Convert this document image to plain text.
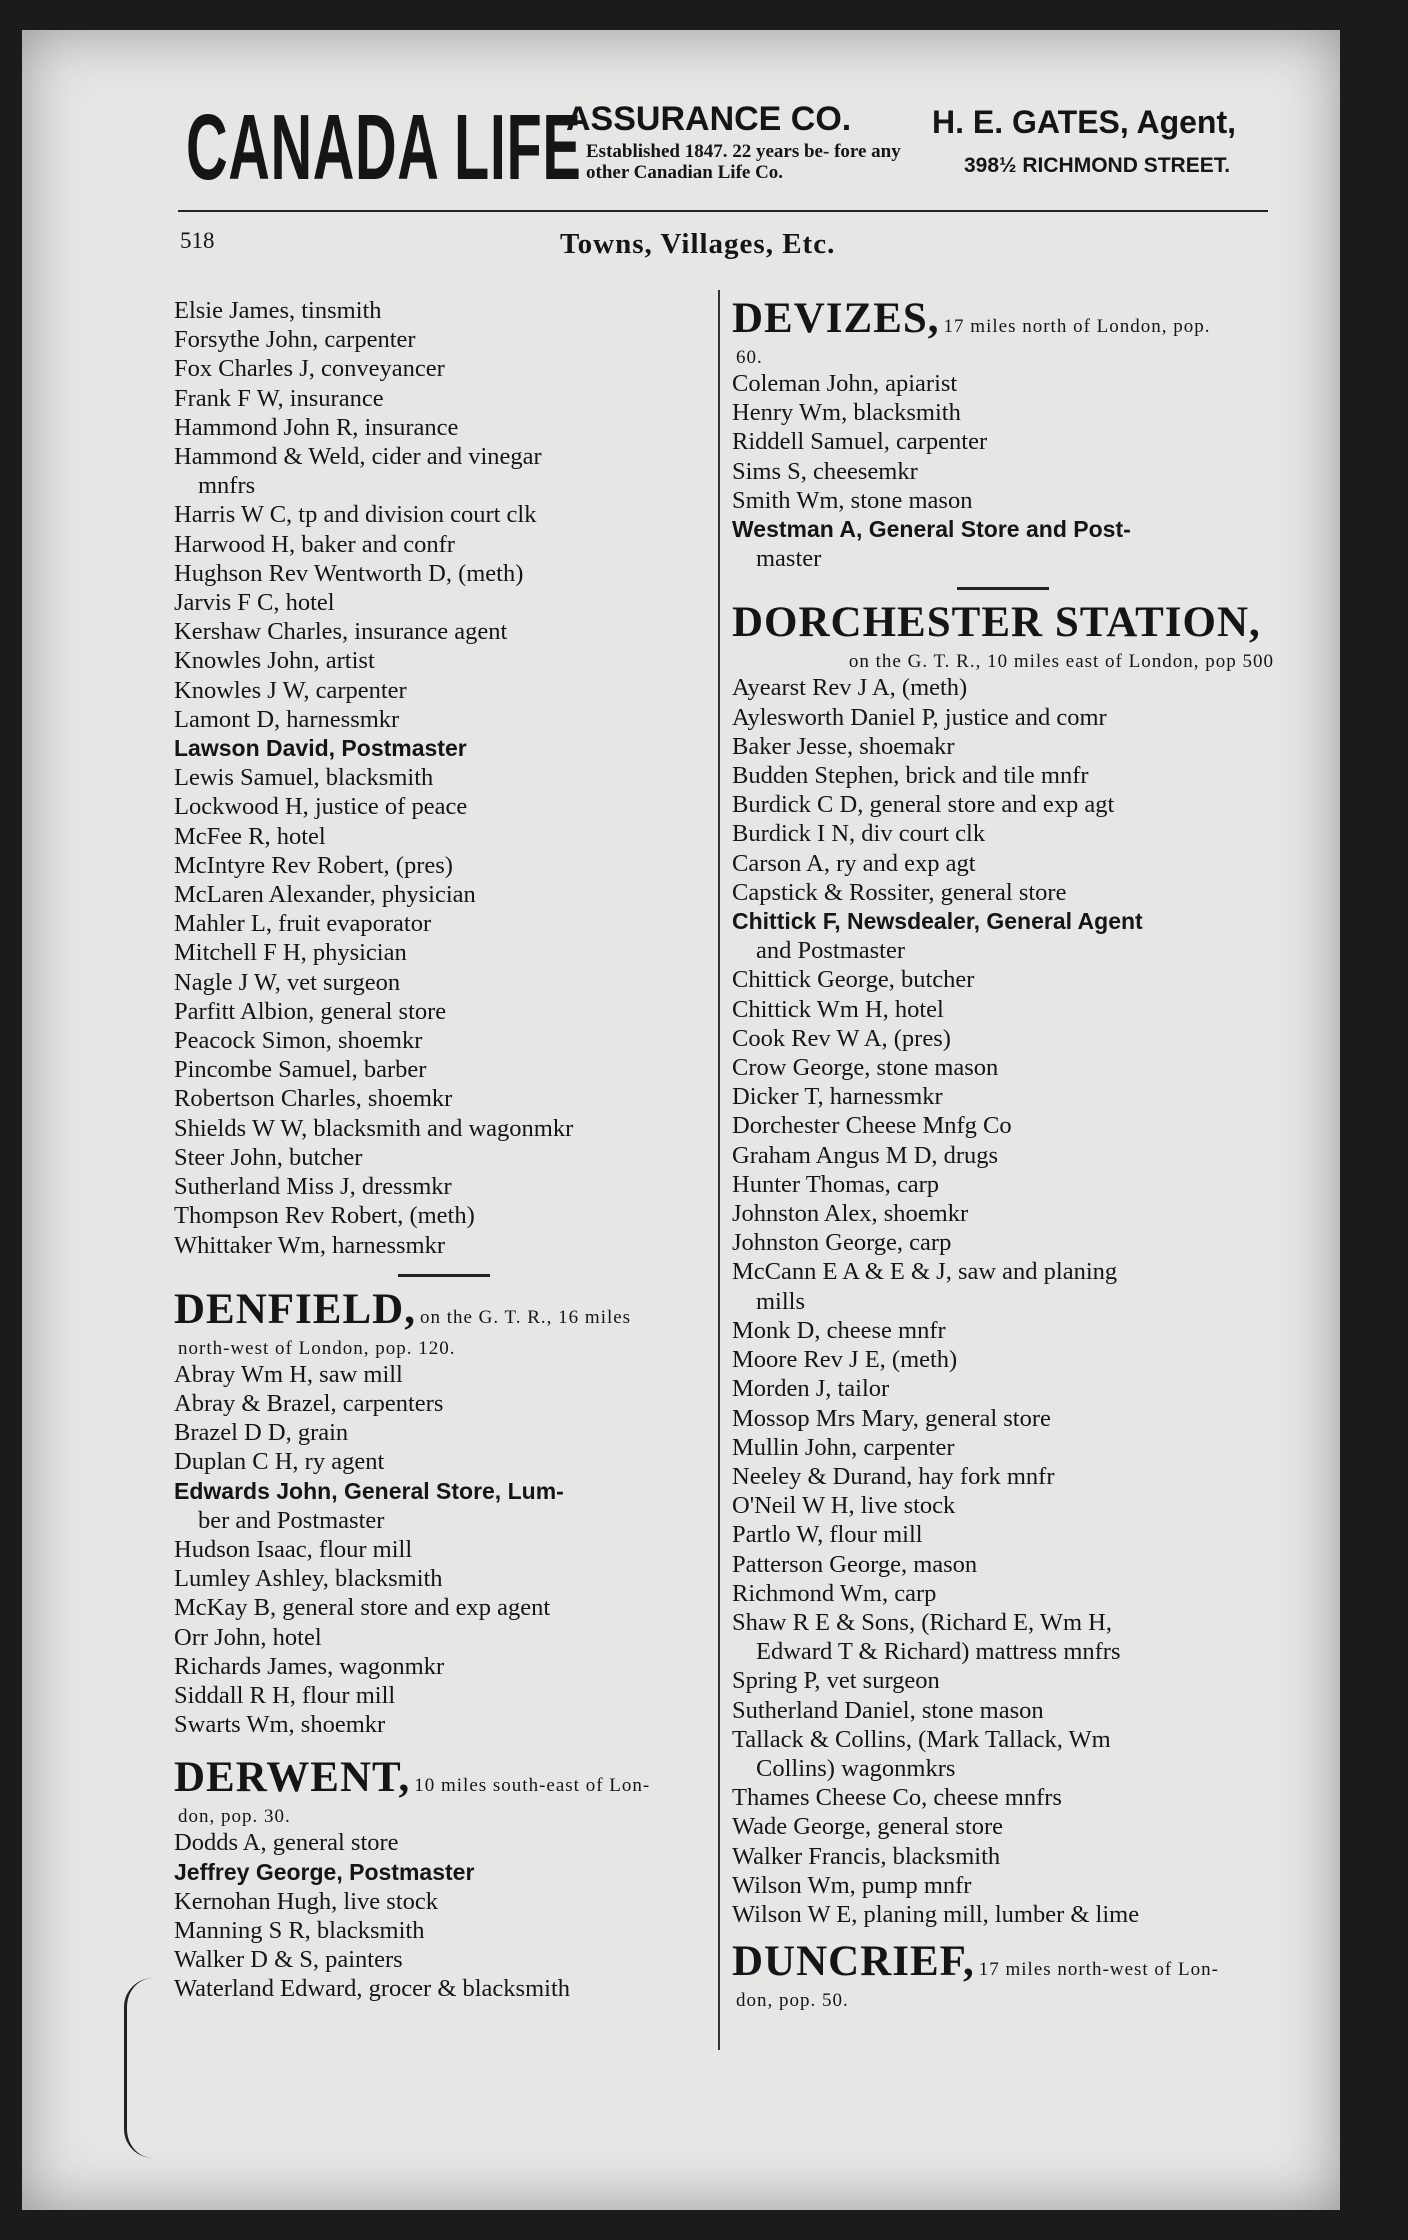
CANADA LIFE
ASSURANCE CO.
Established 1847. 22 years be- fore any other Canadian Life Co.
H. E. GATES, Agent,
398½ RICHMOND STREET.
518	Towns, Villages, Etc.
Elsie James, tinsmith
Forsythe John, carpenter
Fox Charles J, conveyancer
Frank F W, insurance
Hammond John R, insurance
Hammond & Weld, cider and vinegar
mnfrs
Harris W C, tp and division court clk
Harwood H, baker and confr
Hughson Rev Wentworth D, (meth)
Jarvis F C, hotel
Kershaw Charles, insurance agent
Knowles John, artist
Knowles J W, carpenter
Lamont D, harnessmkr
Lawson David, Postmaster
Lewis Samuel, blacksmith
Lockwood H, justice of peace
McFee R, hotel
McIntyre Rev Robert, (pres)
McLaren Alexander, physician
Mahler L, fruit evaporator
Mitchell F H, physician
Nagle J W, vet surgeon
Parfitt Albion, general store
Peacock Simon, shoemkr
Pincombe Samuel, barber
Robertson Charles, shoemkr
Shields W W, blacksmith and wagonmkr
Steer John, butcher
Sutherland Miss J, dressmkr
Thompson Rev Robert, (meth)
Whittaker Wm, harnessmkr
DENFIELD, on the G. T. R., 16 miles
north-west of London, pop. 120.
Abray Wm H, saw mill
Abray & Brazel, carpenters
Brazel D D, grain
Duplan C H, ry agent
Edwards John, General Store, Lum-
ber and Postmaster
Hudson Isaac, flour mill
Lumley Ashley, blacksmith
McKay B, general store and exp agent
Orr John, hotel
Richards James, wagonmkr
Siddall R H, flour mill
Swarts Wm, shoemkr
DERWENT, 10 miles south-east of Lon-
don, pop. 30.
Dodds A, general store
Jeffrey George, Postmaster
Kernohan Hugh, live stock
Manning S R, blacksmith
Walker D & S, painters
Waterland Edward, grocer & blacksmith
DEVIZES, 17 miles north of London, pop.
60.
Coleman John, apiarist
Henry Wm, blacksmith
Riddell Samuel, carpenter
Sims S, cheesemkr
Smith Wm, stone mason
Westman A, General Store and Post-
master
DORCHESTER STATION,
on the G. T. R., 10 miles east of London, pop 500
Ayearst Rev J A, (meth)
Aylesworth Daniel P, justice and comr
Baker Jesse, shoemakr
Budden Stephen, brick and tile mnfr
Burdick C D, general store and exp agt
Burdick I N, div court clk
Carson A, ry and exp agt
Capstick & Rossiter, general store
Chittick F, Newsdealer, General Agent
and Postmaster
Chittick George, butcher
Chittick Wm H, hotel
Cook Rev W A, (pres)
Crow George, stone mason
Dicker T, harnessmkr
Dorchester Cheese Mnfg Co
Graham Angus M D, drugs
Hunter Thomas, carp
Johnston Alex, shoemkr
Johnston George, carp
McCann E A & E & J, saw and planing
mills
Monk D, cheese mnfr
Moore Rev J E, (meth)
Morden J, tailor
Mossop Mrs Mary, general store
Mullin John, carpenter
Neeley & Durand, hay fork mnfr
O'Neil W H, live stock
Partlo W, flour mill
Patterson George, mason
Richmond Wm, carp
Shaw R E & Sons, (Richard E, Wm H,
Edward T & Richard) mattress mnfrs
Spring P, vet surgeon
Sutherland Daniel, stone mason
Tallack & Collins, (Mark Tallack, Wm
Collins) wagonmkrs
Thames Cheese Co, cheese mnfrs
Wade George, general store
Walker Francis, blacksmith
Wilson Wm, pump mnfr
Wilson W E, planing mill, lumber & lime
DUNCRIEF, 17 miles north-west of Lon-
don, pop. 50.
